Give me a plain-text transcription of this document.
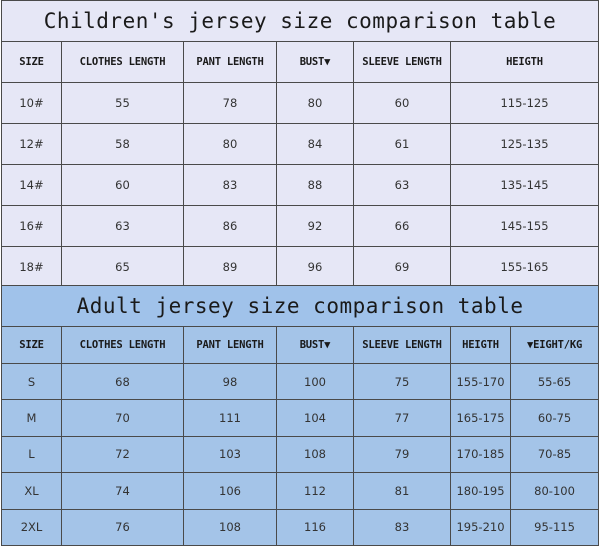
Children's jersey size comparison table					
SIZE	CLOTHES LENGTH	PANT LENGTH	BUST▼	SLEEVE LENGTH	HEIGTH
10#	55	78	80	60	115-125
12#	58	80	84	61	125-135
14#	60	83	88	63	135-145
16#	63	86	92	66	145-155
18#	65	89	96	69	155-165
Adult jersey size comparison table						
SIZE	CLOTHES LENGTH	PANT LENGTH	BUST▼	SLEEVE LENGTH	HEIGTH	▼EIGHT/KG
S	68	98	100	75	155-170	55-65
M	70	111	104	77	165-175	60-75
L	72	103	108	79	170-185	70-85
XL	74	106	112	81	180-195	80-100
2XL	76	108	116	83	195-210	95-115
